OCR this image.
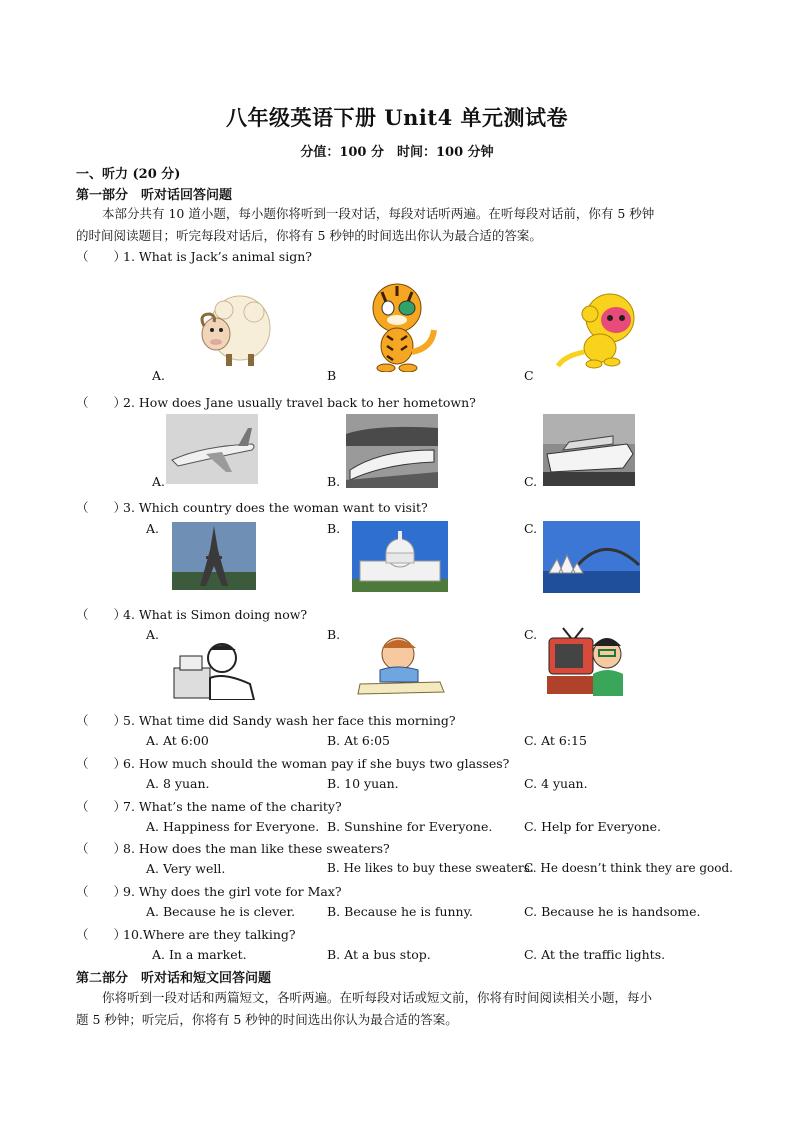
八年级英语下册 Unit4 单元测试卷
分值：100 分　时间：100 分钟
一、听力 (20 分)
第一部分　听对话回答问题
本部分共有 10 道小题，每小题你将听到一段对话，每段对话听两遍。在听每段对话前，你有 5 秒钟
的时间阅读题目；听完每段对话后，你将有 5 秒钟的时间选出你认为最合适的答案。
（　　）1. What is Jack’s animal sign?
A.	B	C
（　　）2. How does Jane usually travel back to her hometown?
A.	B.	C.
（　　）3. Which country does the woman want to visit?
A.	B.	C.
（　　）4. What is Simon doing now?
A.	B.	C.
（　　）5. What time did Sandy wash her face this morning?
A. At 6:00	B. At 6:05	C. At 6:15
（　　）6. How much should the woman pay if she buys two glasses?
A. 8 yuan.	B. 10 yuan.	C. 4 yuan.
（　　）7. What’s the name of the charity?
A. Happiness for Everyone. B. Sunshine for Everyone.	C. Help for Everyone.
（　　）8. How does the man like these sweaters?
A. Very well.	B. He likes to buy these sweaters.
C. He doesn’t think they are good.
（　　）9. Why does the girl vote for Max?
A. Because he is clever.	B. Because he is funny.	C. Because he is handsome.
（　　）10.Where are they talking?
A. In a market.	B. At a bus stop.	C. At the traffic lights.
第二部分　听对话和短文回答问题
你将听到一段对话和两篇短文，各听两遍。在听每段对话或短文前，你将有时间阅读相关小题，每小
题 5 秒钟；听完后，你将有 5 秒钟的时间选出你认为最合适的答案。
